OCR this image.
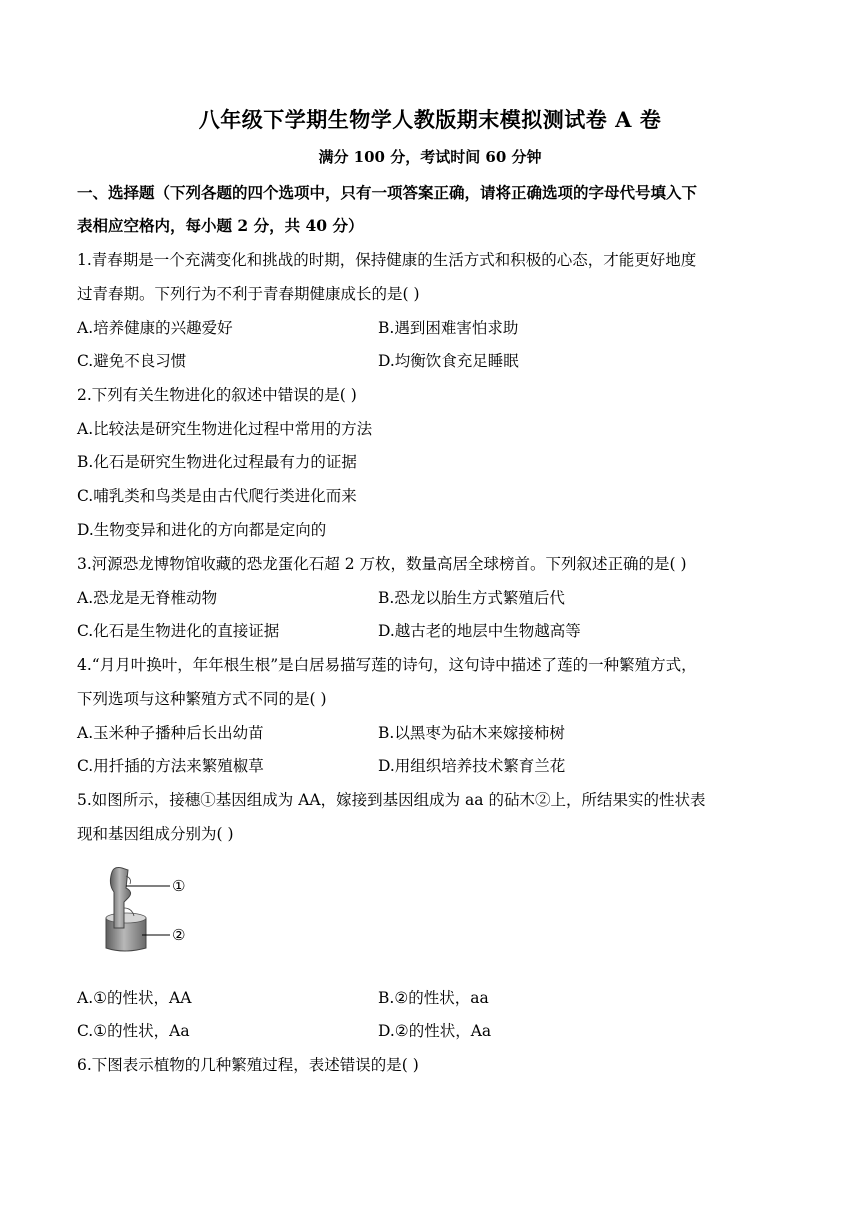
八年级下学期生物学人教版期末模拟测试卷 A 卷
满分 100 分，考试时间 60 分钟
一、选择题（下列各题的四个选项中，只有一项答案正确，请将正确选项的字母代号填入下
表相应空格内，每小题 2 分，共 40 分）
1.青春期是一个充满变化和挑战的时期，保持健康的生活方式和积极的心态，才能更好地度
过青春期。下列行为不利于青春期健康成长的是( )
A.培养健康的兴趣爱好	B.遇到困难害怕求助
C.避免不良习惯	D.均衡饮食充足睡眠
2.下列有关生物进化的叙述中错误的是( )
A.比较法是研究生物进化过程中常用的方法
B.化石是研究生物进化过程最有力的证据
C.哺乳类和鸟类是由古代爬行类进化而来
D.生物变异和进化的方向都是定向的
3.河源恐龙博物馆收藏的恐龙蛋化石超 2 万枚，数量高居全球榜首。下列叙述正确的是( )
A.恐龙是无脊椎动物	B.恐龙以胎生方式繁殖后代
C.化石是生物进化的直接证据	D.越古老的地层中生物越高等
4.“月月叶换叶，年年根生根”是白居易描写莲的诗句，这句诗中描述了莲的一种繁殖方式，
下列选项与这种繁殖方式不同的是( )
A.玉米种子播种后长出幼苗	B.以黑枣为砧木来嫁接柿树
C.用扦插的方法来繁殖椒草	D.用组织培养技术繁育兰花
5.如图所示，接穗①基因组成为 AA，嫁接到基因组成为 aa 的砧木②上，所结果实的性状表
现和基因组成分别为( )
①
②
A.①的性状，AA	B.②的性状，aa
C.①的性状，Aa	D.②的性状，Aa
6.下图表示植物的几种繁殖过程，表述错误的是( )
